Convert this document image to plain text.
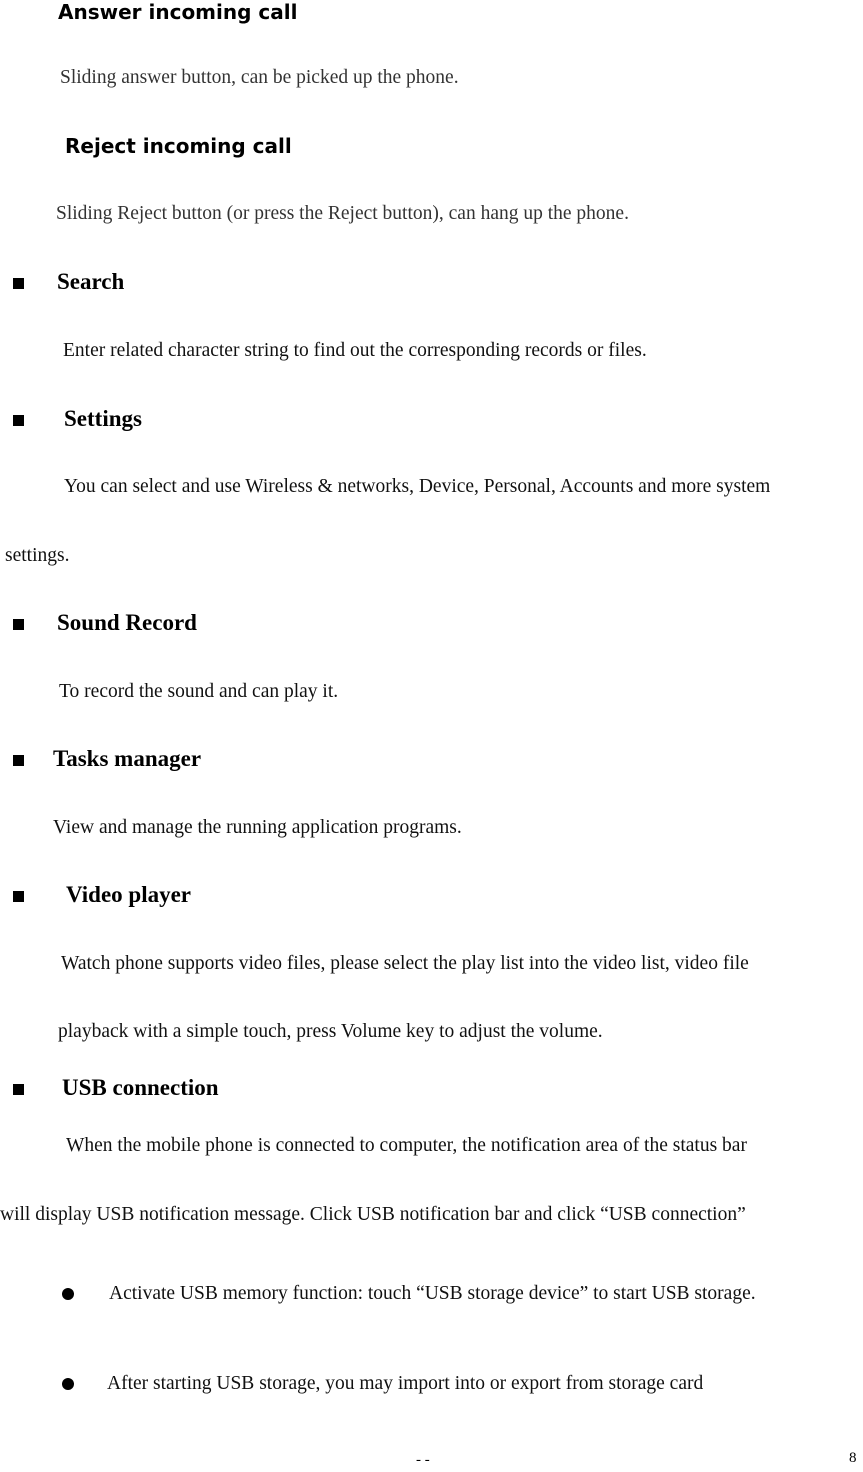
Answer incoming call
Sliding answer button, can be picked up the phone.
Reject incoming call
Sliding Reject button (or press the Reject button), can hang up the phone.
Search
Enter related character string to find out the corresponding records or files.
Settings
You can select and use Wireless & networks, Device, Personal, Accounts and more system
settings.
Sound Record
To record the sound and can play it.
Tasks manager
View and manage the running application programs.
Video player
Watch phone supports video files, please select the play list into the video list, video file
playback with a simple touch, press Volume key to adjust the volume.
USB connection
When the mobile phone is connected to computer, the notification area of the status bar
will display USB notification message. Click USB notification bar and click “USB connection”
Activate USB memory function: touch “USB storage device” to start USB storage.
After starting USB storage, you may import into or export from storage card
- -	8
